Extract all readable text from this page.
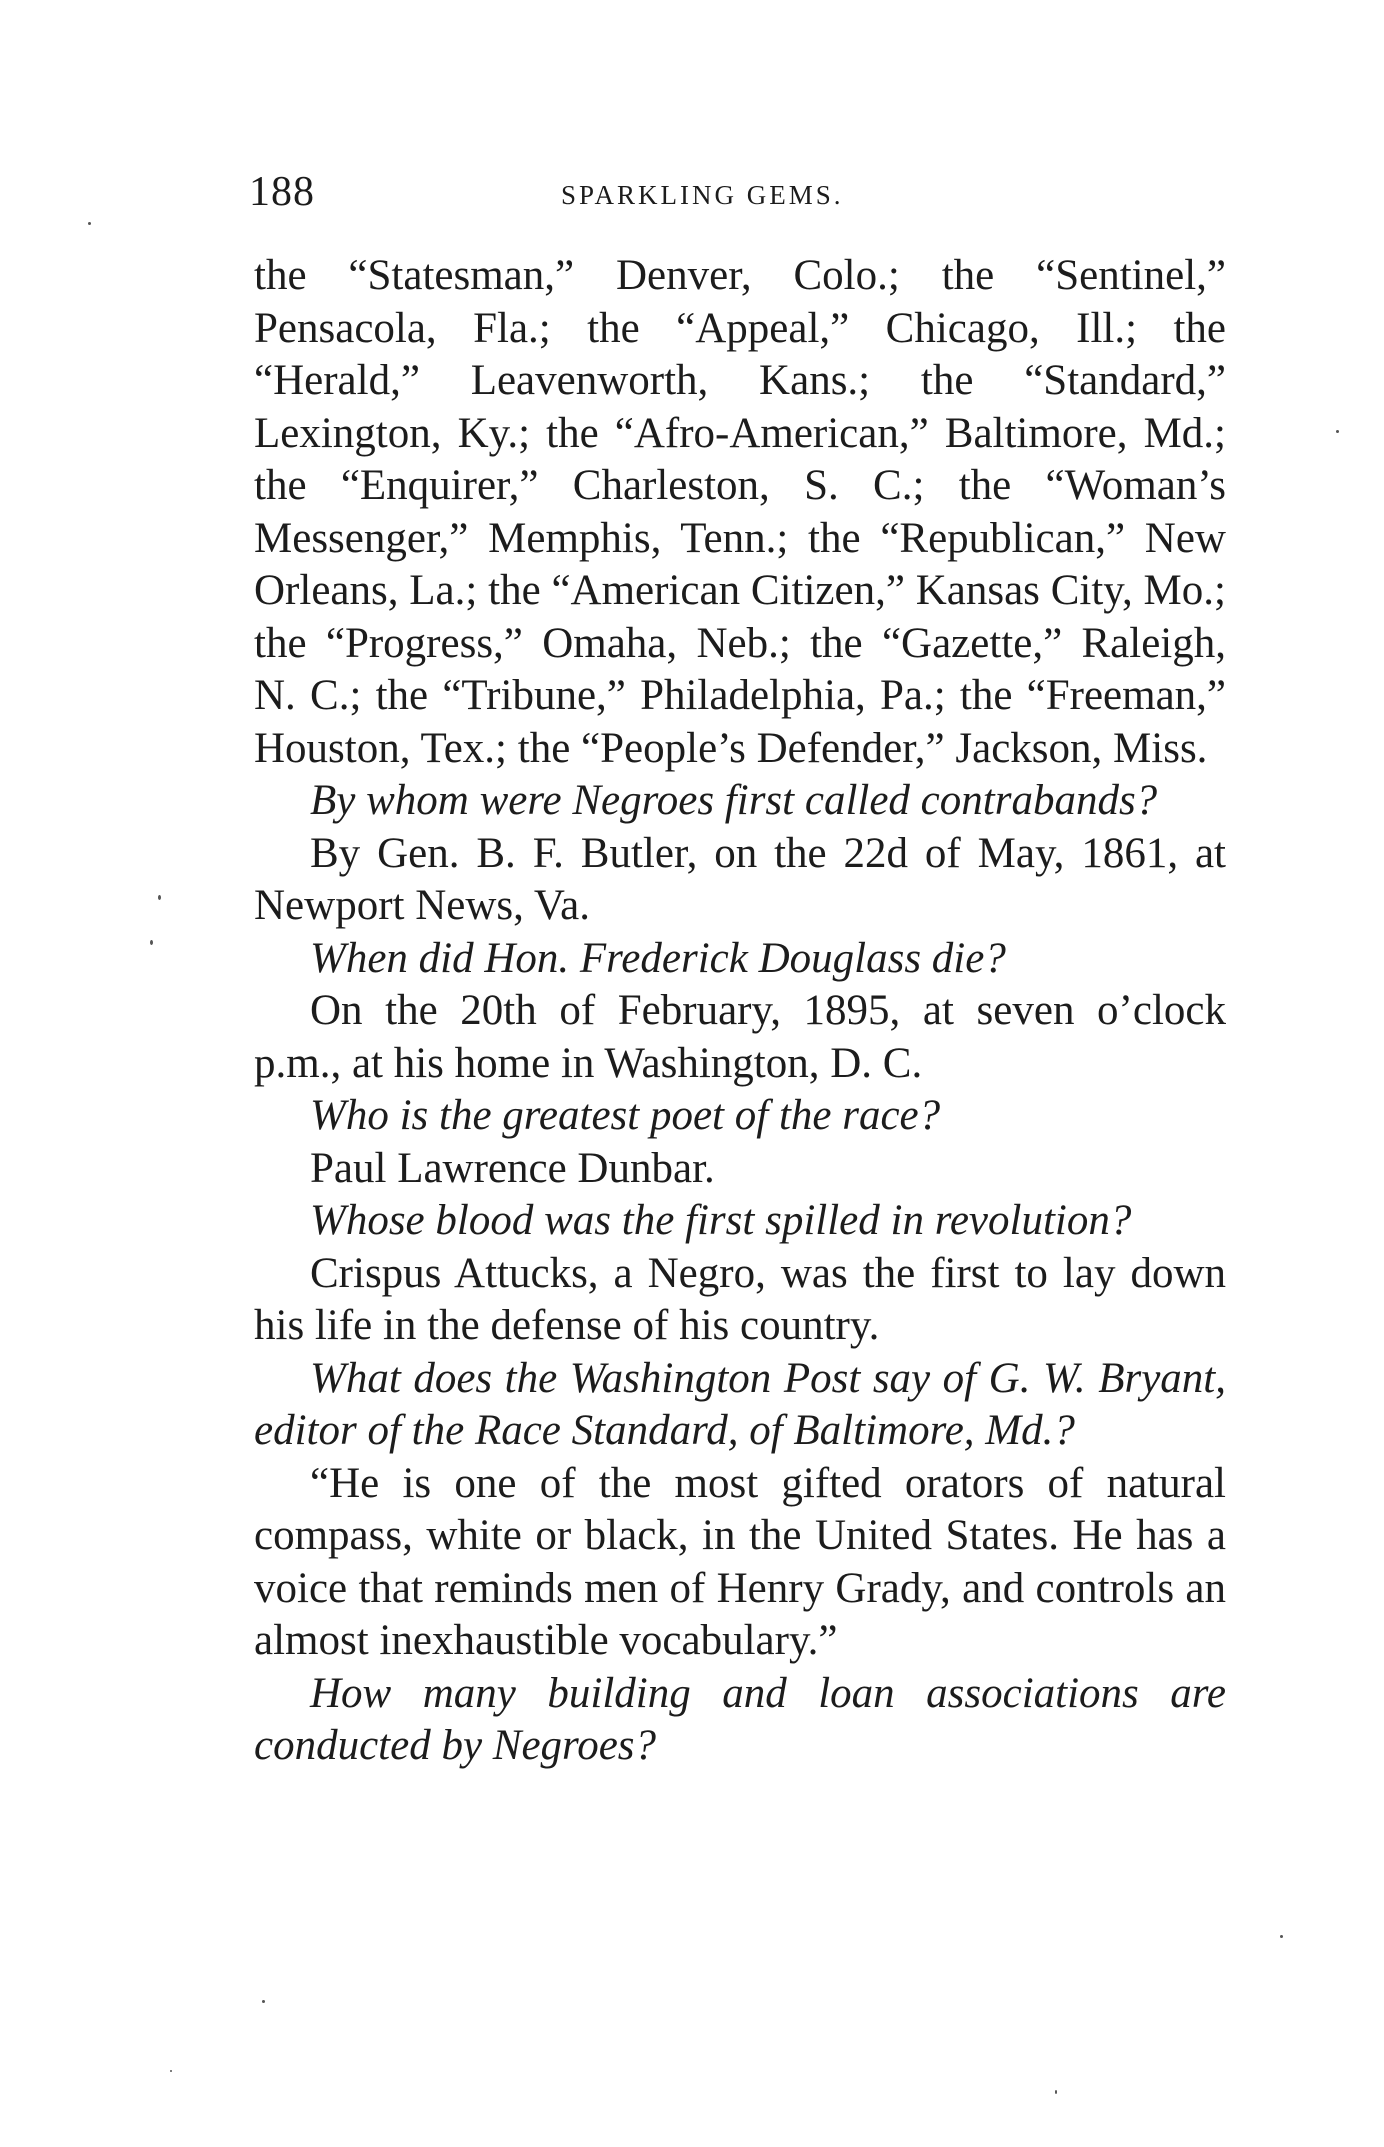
188	SPARKLING GEMS.

the “Statesman,” Denver, Colo.; the “Sentinel,” Pensacola, Fla.; the “Appeal,” Chicago, Ill.; the “Herald,” Leavenworth, Kans.; the “Standard,” Lexington, Ky.; the “Afro-American,” Baltimore, Md.; the “Enquirer,” Charleston, S. C.; the “Woman’s Messenger,” Memphis, Tenn.; the “Republican,” New Orleans, La.; the “American Citizen,” Kansas City, Mo.; the “Progress,” Omaha, Neb.; the “Gazette,” Raleigh, N. C.; the “Tribune,” Philadelphia, Pa.; the “Freeman,” Houston, Tex.; the “People’s Defender,” Jackson, Miss.

By whom were Negroes first called contrabands?

By Gen. B. F. Butler, on the 22d of May, 1861, at Newport News, Va.

When did Hon. Frederick Douglass die?

On the 20th of February, 1895, at seven o’clock p.m., at his home in Washington, D. C.

Who is the greatest poet of the race?

Paul Lawrence Dunbar.

Whose blood was the first spilled in revolution?

Crispus Attucks, a Negro, was the first to lay down his life in the defense of his country.

What does the Washington Post say of G. W. Bryant, editor of the Race Standard, of Baltimore, Md.?

“He is one of the most gifted orators of natural compass, white or black, in the United States. He has a voice that reminds men of Henry Grady, and controls an almost inexhaustible vocabulary.”

How many building and loan associations are conducted by Negroes?
